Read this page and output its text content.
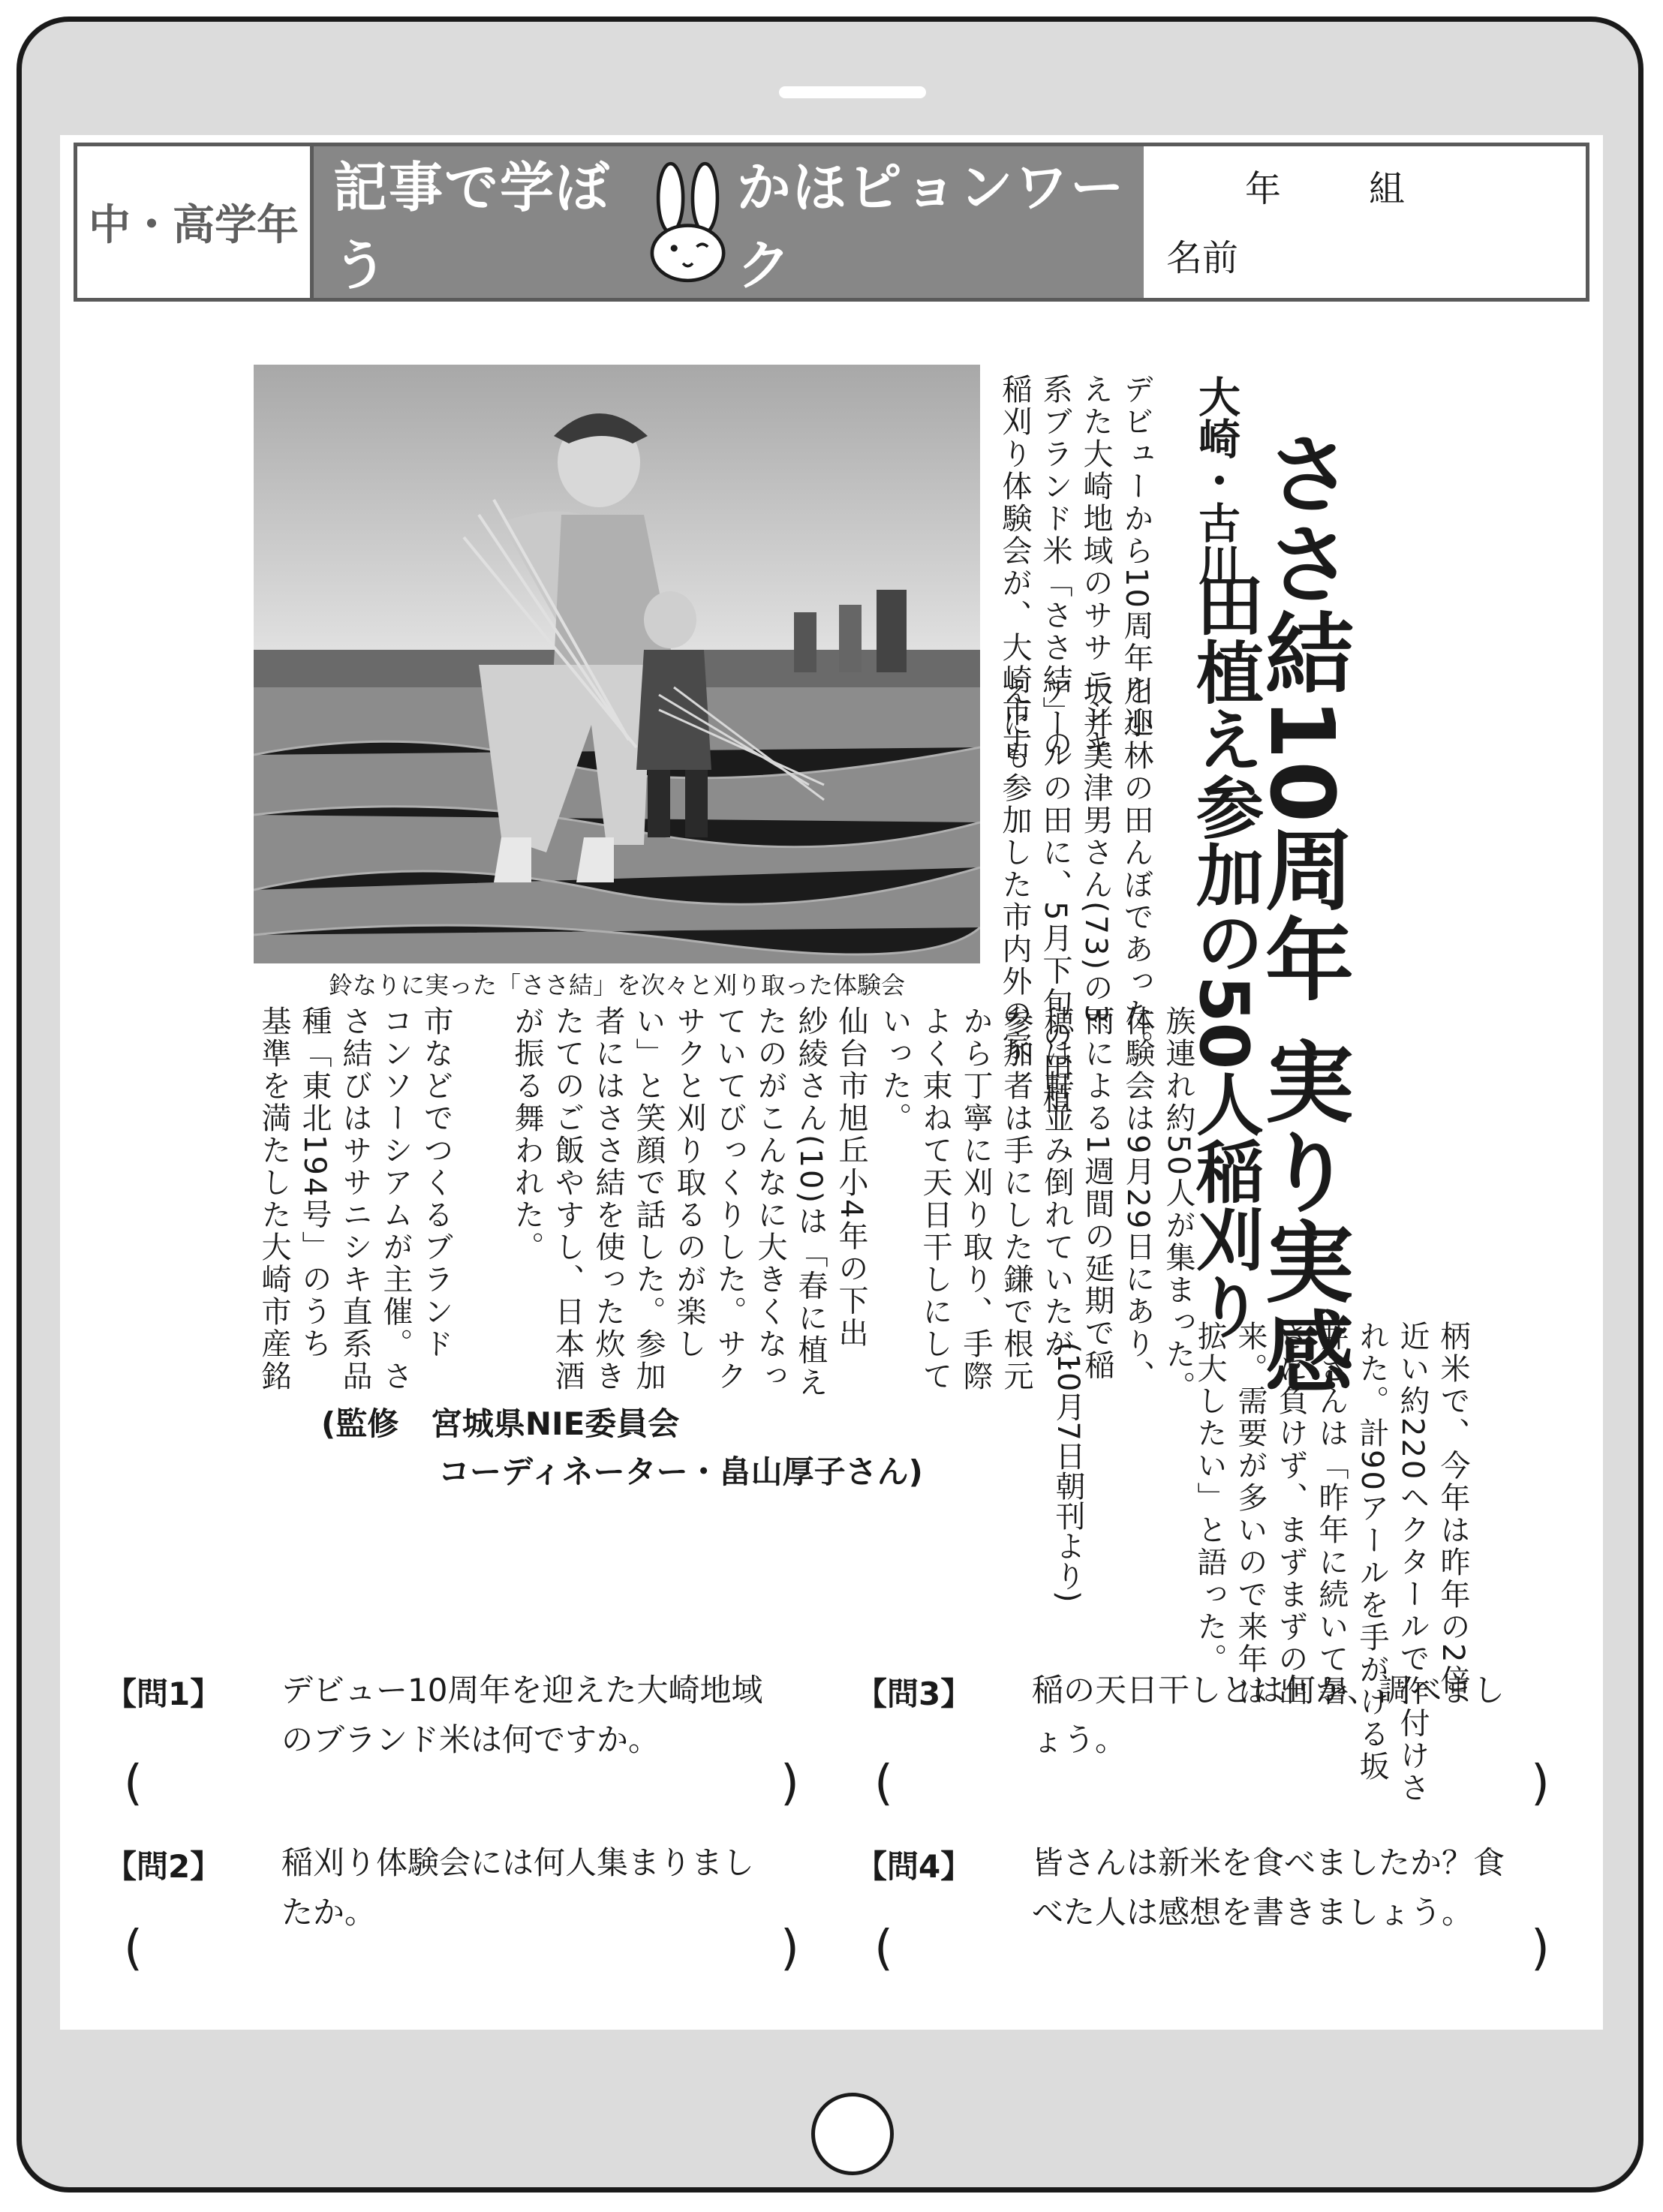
中・高学年
記事で学ぼう
かほピョンワーク
年 組
名前
鈴なりに実った「ささ結」を次々と刈り取った体験会
大崎・古川 ささ結10周年 実り実感
田植え参加の50人稲刈り
デビューから10周年を迎
えた大崎地域のササニシキ
系ブランド米「ささ結」の
稲刈り体験会が、大崎市古
川小林の田んぼであった。
坂井美津男さん(73)の3
アールの田に、5月下旬の田植
えにも参加した市内外の家
族連れ約50人が集まった。
体験会は9月29日にあり、
雨による1週間の延期で稲
穂は軒並み倒れていたが、
参加者は手にした鎌で根元
から丁寧に刈り取り、手際
よく束ねて天日干しにして
いった。
仙台市旭丘小4年の下出
紗綾さん(10)は「春に植え
たのがこんなに大きくなっ
ていてびっくりした。サク
サクと刈り取るのが楽し
い」と笑顔で話した。参加
者にはささ結を使った炊き
たてのご飯やすし、日本酒
が振る舞われた。
市などでつくるブランド
コンソーシアムが主催。さ
さ結びはササニシキ直系品
種「東北194号」のうち
基準を満たした大崎市産銘
柄米で、今年は昨年の2倍
近い約220ヘクタールで作付けさ
れた。計90アールを手がける坂
井さんは「昨年に続いて暑
さに負けず、まずまずの出
来。需要が多いので来年は
拡大したい」と語った。
(10月7日朝刊より)
(監修 宮城県NIE委員会
コーディネーター・畠山厚子さん)
【問1】 デビュー10周年を迎えた大崎地域
のブランド米は何ですか。
(	)
【問2】 稲刈り体験会には何人集まりまし
たか。
(	)
【問3】 稲の天日干しとは何か、調べまし
ょう。
(	)
【問4】 皆さんは新米を食べましたか？食
べた人は感想を書きましょう。
(	)
